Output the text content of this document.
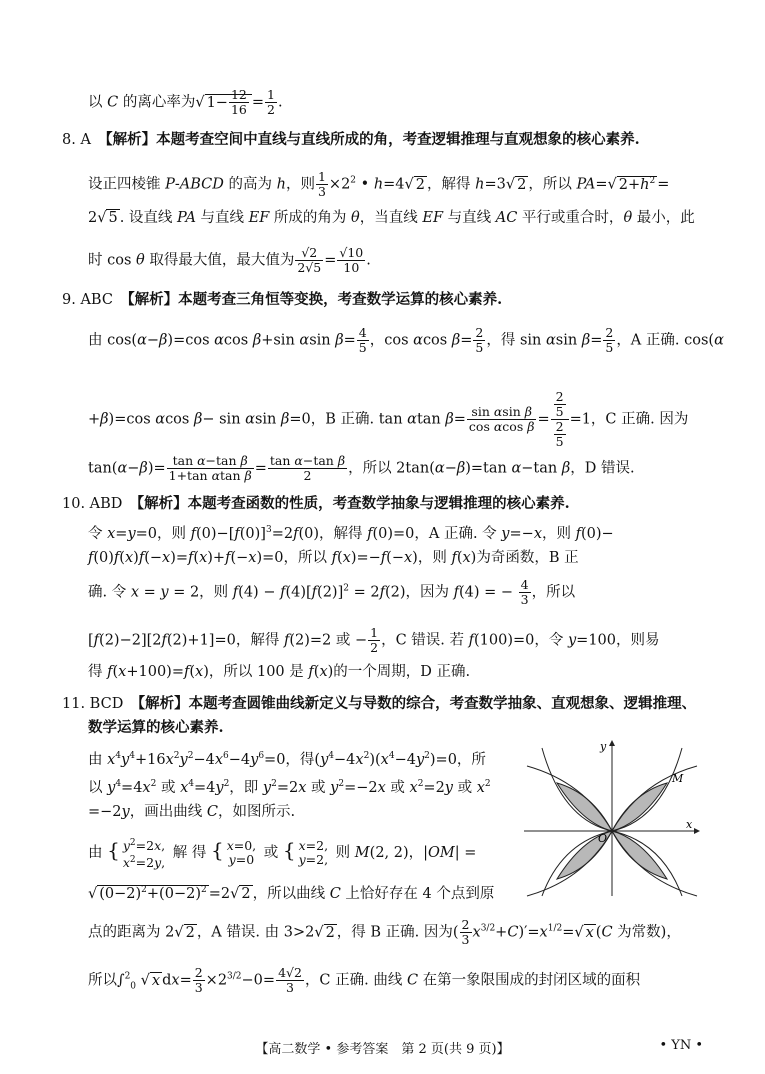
以 C 的离心率为√ $1- \frac{12}{16} = \frac{1}{2}$ .
8. A　【解析】本题考查空间中直线与直线所成的角，考查逻辑推理与直观想象的核心素养.
设正四棱锥 P-ABCD 的高为 h，则 $\frac{1}{3} \times 2^2$ • h=4√ 2 ，解得 h=3√ 2 ，所以 PA=√ $2+h^2$ =
2√ 5 . 设直线 PA 与直线 EF 所成的角为 θ，当直线 EF 与直线 AC 平行或重合时，θ 最小，此
时 cos θ 取得最大值，最大值为 $\frac{√2}{2√5} = \frac{√10}{10}$ .
9. ABC　【解析】本题考查三角恒等变换，考查数学运算的核心素养.
由 cos(α−β)=cos αcos β+sin αsin $\beta= \frac{4}{5}$ ，cos αcos $\beta= \frac{2}{5}$ ，得 sin αsin $\beta= \frac{2}{5}$ ，A 正确. cos(α
+β)=cos αcos β− sin αsin β=0，B 正确. tan αtan $\beta= \frac{\text{sin αsin β}}{\text{cos αcos β}} = \frac{\frac{2}{5}}{\frac{2}{5}} =1$，C 正确. 因为
$\tan(\alpha-\beta)= \frac{\text{tan α−tan β}}{\text{1+tan αtan β}} = \frac{\text{tan α−tan β}}{2}$ ，所以 2tan(α−β)=tan α−tan β，D 错误.
10. ABD　【解析】本题考查函数的性质，考查数学抽象与逻辑推理的核心素养.
令 x=y=0，则 $f(0)-[f(0)]^3=2f(0)$，解得 f(0)=0，A 正确. 令 y=−x，则 f(0)−
f(0)f(x)f(−x)=f(x)+f(−x)=0，所以 f(x)=−f(−x)，则 f(x)为奇函数，B 正
确. 令 x = y = 2，则 $f(4) - f(4)[f(2)]^2 = 2f(2)$，因为 f(4) = − $\frac{4}{3}$ ，所以
[f(2)−2][2f(2)+1]=0，解得 f(2)=2 或 − $\frac{1}{2}$ ，C 错误. 若 f(100)=0，令 y=100，则易
得 f(x+100)=f(x)，所以 100 是 f(x)的一个周期，D 正确.
11. BCD　【解析】本题考查圆锥曲线新定义与导数的综合，考查数学抽象、直观想象、逻辑推理、
数学运算的核心素养.
由 $x^4y^4+16x^2y^2-4x^6-4y^6=0$，得$(y^4-4x^2)(x^4-4y^2)=0$，所
以 $y^4=4x^2$ 或 $x^4=4y^2$，即 $y^2=2x$ 或 $y^2=-2x$ 或 $x^2=2y$ 或 $x^2$
=−2y，画出曲线 C，如图所示.
由 { $y^2=2x$,
$x^2=2y$,
解 得 { x=0,
y=0 或 { x=2,
y=2, 则 M(2, 2)，|OM| =
√ $(0-2)^2+(0-2)^2 =2√$ 2 ，所以曲线 C 上恰好存在 4 个点到原
点的距离为 2√ 2 ，A 错误. 由 3>2√ 2 ，得 B 正确. 因为( $\frac{2}{3} x^{3/2}+C)'=x^{1/2}=√$ x (C 为常数)，
所以∫$^2_0$ √ x $dx= \frac{2}{3} \times 2^{3/2}-0= \frac{4√2}{3}$ ，C 正确. 曲线 C 在第一象限围成的封闭区域的面积
x
y
O
M
【高二数学 • 参考答案　第 2 页(共 9 页)】	• YN •
